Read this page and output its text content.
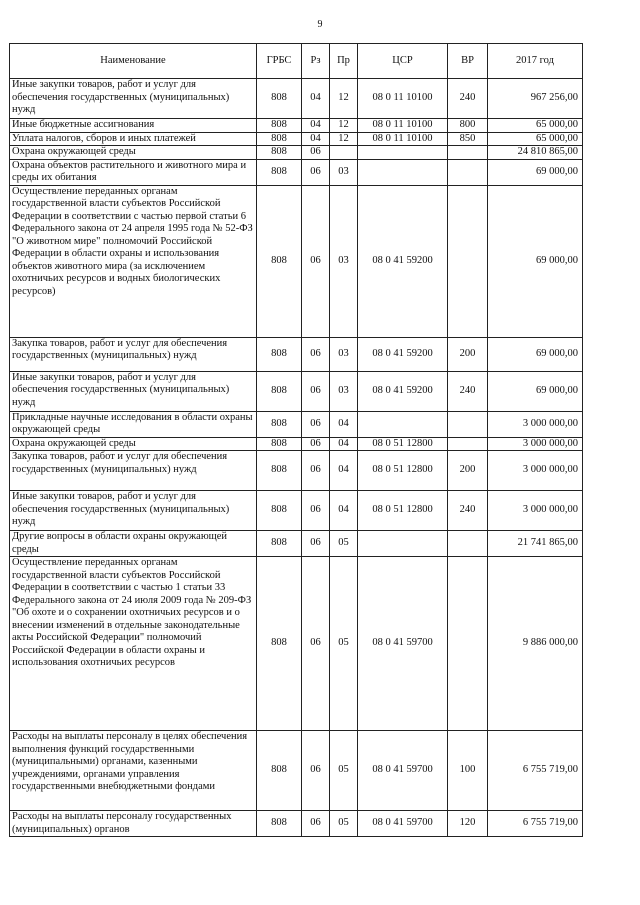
9
Наименование	ГРБС	Рз	Пр	ЦСР	ВР	2017 год
Иные закупки товаров, работ и услуг для обеспечения государственных (муниципальных) нужд	808	04	12	08 0 11 10100	240	967 256,00
Иные бюджетные ассигнования	808	04	12	08 0 11 10100	800	65 000,00
Уплата налогов, сборов и иных платежей	808	04	12	08 0 11 10100	850	65 000,00
Охрана окружающей среды	808	06				24 810 865,00
Охрана объектов растительного и животного мира и среды их обитания	808	06	03			69 000,00
Осуществление переданных органам государственной власти субъектов Российской Федерации в соответствии с частью первой статьи 6 Федерального закона от 24 апреля 1995 года № 52-ФЗ "О животном мире" полномочий Российской Федерации в области охраны и использования объектов животного мира (за исключением охотничьих ресурсов и водных биологических ресурсов)	808	06	03	08 0 41 59200		69 000,00
Закупка товаров, работ и услуг для обеспечения государственных (муниципальных) нужд	808	06	03	08 0 41 59200	200	69 000,00
Иные закупки товаров, работ и услуг для обеспечения государственных (муниципальных) нужд	808	06	03	08 0 41 59200	240	69 000,00
Прикладные научные исследования в области охраны окружающей среды	808	06	04			3 000 000,00
Охрана окружающей среды	808	06	04	08 0 51 12800		3 000 000,00
Закупка товаров, работ и услуг для обеспечения государственных (муниципальных) нужд	808	06	04	08 0 51 12800	200	3 000 000,00
Иные закупки товаров, работ и услуг для обеспечения государственных (муниципальных) нужд	808	06	04	08 0 51 12800	240	3 000 000,00
Другие вопросы в области охраны окружающей среды	808	06	05			21 741 865,00
Осуществление переданных органам государственной власти субъектов Российской Федерации в соответствии с частью 1 статьи 33 Федерального закона от 24 июля 2009 года № 209-ФЗ "Об охоте и о сохранении охотничьих ресурсов и о внесении изменений в отдельные законодательные акты Российской Федерации" полномочий Российской Федерации в области охраны и использования охотничьих ресурсов	808	06	05	08 0 41 59700		9 886 000,00
Расходы на выплаты персоналу в целях обеспечения выполнения функций государственными (муниципальными) органами, казенными учреждениями, органами управления государственными внебюджетными фондами	808	06	05	08 0 41 59700	100	6 755 719,00
Расходы на выплаты персоналу государственных (муниципальных) органов	808	06	05	08 0 41 59700	120	6 755 719,00
